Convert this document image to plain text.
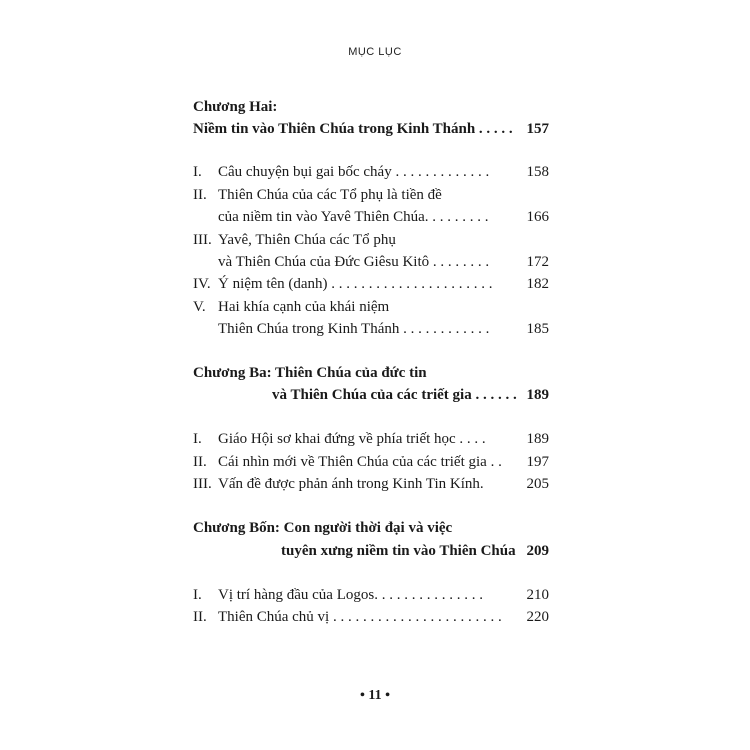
MỤC LỤC
Chương Hai:
Niềm tin vào Thiên Chúa trong Kinh Thánh . . . . . 157
I. Câu chuyện bụi gai bốc cháy . . . . . . . . . . . . . 158
II. Thiên Chúa của các Tổ phụ là tiền đề
của niềm tin vào Yavê Thiên Chúa. . . . . . . . .	166
III. Yavê, Thiên Chúa các Tổ phụ
và Thiên Chúa của Đức Giêsu Kitô . . . . . . . . 172
IV. Ý niệm tên (danh) . . . . . . . . . . . . . . . . . . . . . . 182
V. Hai khía cạnh của khái niệm
Thiên Chúa trong Kinh Thánh . . . . . . . . . . . . 185
Chương Ba: Thiên Chúa của đức tin
và Thiên Chúa của các triết gia . . . . . . 189
I. Giáo Hội sơ khai đứng về phía triết học . . . .	189
II. Cái nhìn mới về Thiên Chúa của các triết gia . . 197
III. Vấn đề được phản ánh trong Kinh Tin Kính.	205
Chương Bốn: Con người thời đại và việc
tuyên xưng niềm tin vào Thiên Chúa 209
I. Vị trí hàng đầu của Logos. . . . . . . . . . . . . . .	210
II. Thiên Chúa chủ vị . . . . . . . . . . . . . . . . . . . . . . . 220
• 11 •
